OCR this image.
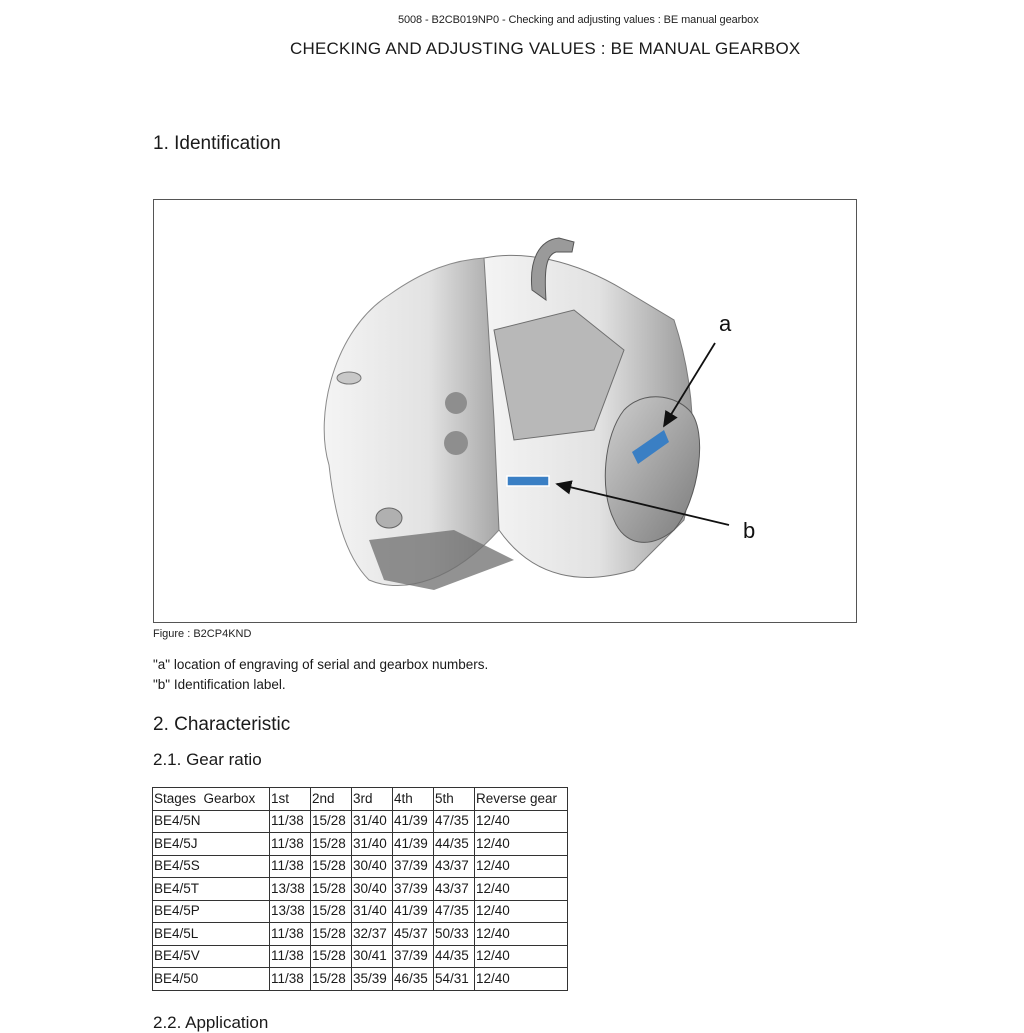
5008 - B2CB019NP0 - Checking and adjusting values : BE manual gearbox
CHECKING AND ADJUSTING VALUES : BE MANUAL GEARBOX
1. Identification
a
b
Figure : B2CP4KND
"a" location of engraving of serial and gearbox numbers.
"b" Identification label.
2. Characteristic
2.1. Gear ratio
Stages  Gearbox	1st	2nd	3rd	4th	5th	Reverse gear
BE4/5N	11/38	15/28	31/40	41/39	47/35	12/40
BE4/5J	11/38	15/28	31/40	41/39	44/35	12/40
BE4/5S	11/38	15/28	30/40	37/39	43/37	12/40
BE4/5T	13/38	15/28	30/40	37/39	43/37	12/40
BE4/5P	13/38	15/28	31/40	41/39	47/35	12/40
BE4/5L	11/38	15/28	32/37	45/37	50/33	12/40
BE4/5V	11/38	15/28	30/41	37/39	44/35	12/40
BE4/50	11/38	15/28	35/39	46/35	54/31	12/40
2.2. Application
